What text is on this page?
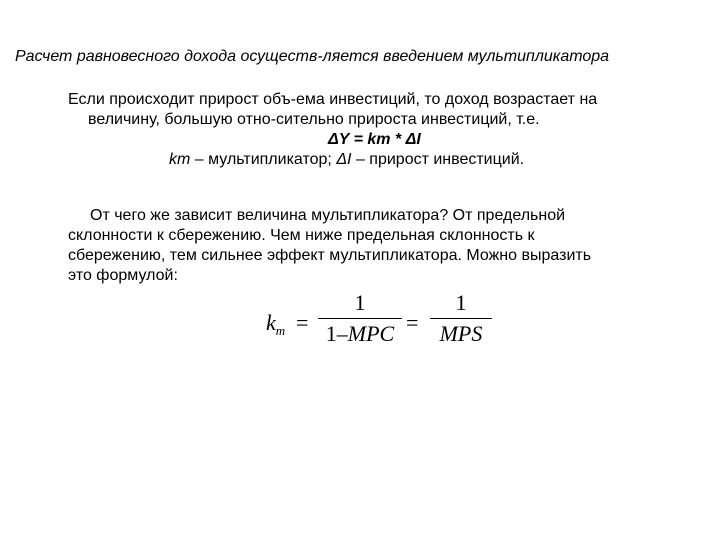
Расчет равновесного дохода осущеcтв-ляется введением мультипликатора
Если происходит прирост объ-ема инвестиций, то доход возрастает на
величину, большую отно-сительно прироста инвестиций, т.е.
ΔY = km * ΔI
km – мультипликатор; ΔI – прирост инвестиций.
От чего же зависит величина мультипликатора? От предельной
склонности к сбережению. Чем ниже предельная склонность к
сбережению, тем сильнее эффект мультипликатора. Можно выразить
это формулой:
$k_m$ =
1
1–MPC =
1
MPS
